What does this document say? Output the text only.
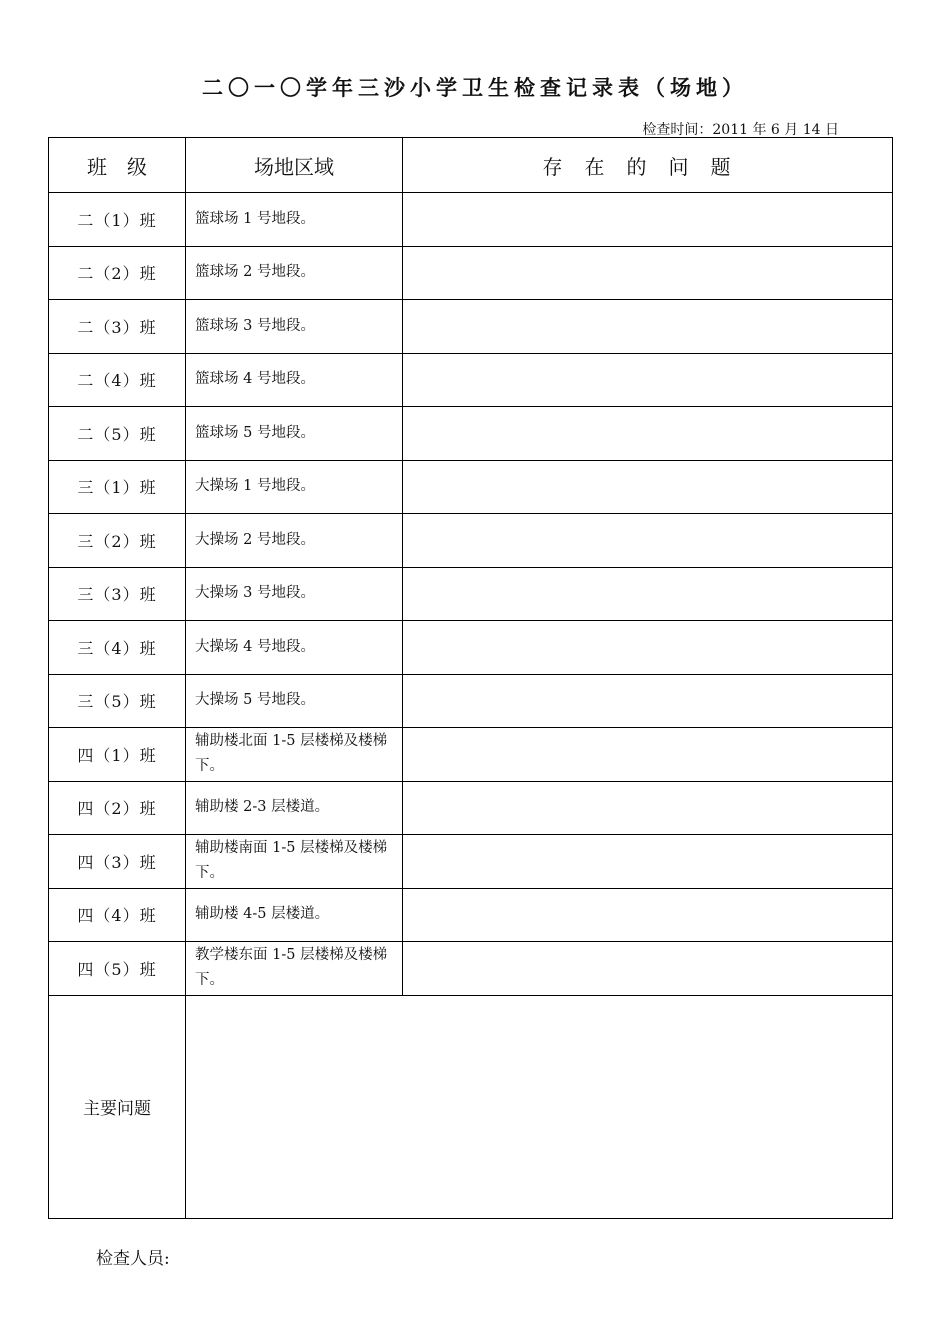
二〇一〇学年三沙小学卫生检查记录表（场地）
检查时间：2011 年 6 月 14 日
班　级	场地区域	存在的问题
二（1）班	篮球场 1 号地段。	
二（2）班	篮球场 2 号地段。	
二（3）班	篮球场 3 号地段。	
二（4）班	篮球场 4 号地段。	
二（5）班	篮球场 5 号地段。	
三（1）班	大操场 1 号地段。	
三（2）班	大操场 2 号地段。	
三（3）班	大操场 3 号地段。	
三（4）班	大操场 4 号地段。	
三（5）班	大操场 5 号地段。	
四（1）班	辅助楼北面 1-5 层楼梯及楼梯下。	
四（2）班	辅助楼 2-3 层楼道。	
四（3）班	辅助楼南面 1-5 层楼梯及楼梯下。	
四（4）班	辅助楼 4-5 层楼道。	
四（5）班	教学楼东面 1-5 层楼梯及楼梯下。	
主要问题		
检查人员:
